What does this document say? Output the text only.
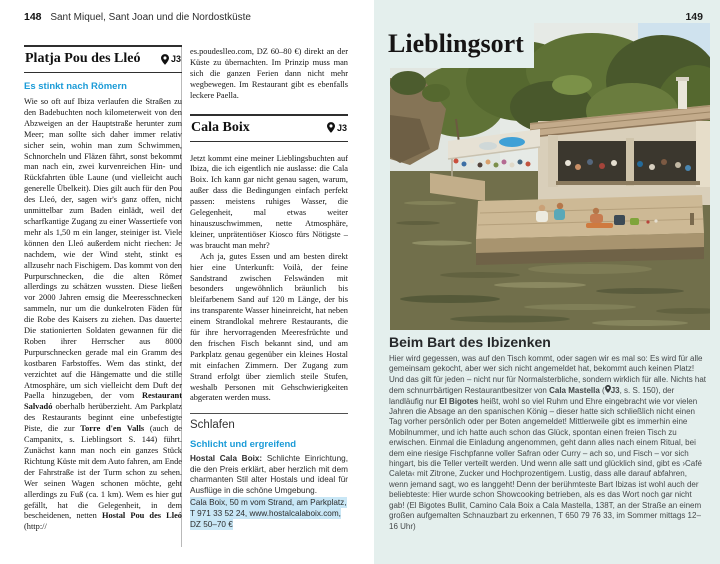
148 Sant Miquel, Sant Joan und die Nordostküste
Platja Pou des Lleó	J3
Es stinkt nach Römern
Wie so oft auf Ibiza verlaufen die Straßen zu den Badebuchten noch kilometerweit von den Abzweigen an der Hauptstraße herunter zum Meer; man sollte sich daher immer relativ sicher sein, wohin man zum Schwimmen, Schnorcheln und Fläzen fährt, sonst bekommt man nach ein, zwei kurvenreichen Hin- und Rückfahrten üble Laune (und vielleicht auch generelle Übelkeit). Dies gilt auch für den Pou des Lleó, der, sagen wir's ganz offen, nicht unmittelbar zum Baden einlädt, weil der scharfkantige Zugang zu einer Wassertiefe von mehr als 1,50 m ein langer, steiniger ist. Viele können den Lleó außerdem nicht riechen: Je nachdem, wie der Wind steht, stinkt es allzusehr nach Fischigem. Das kommt von den Purpurschnecken, die die alten Römer allerdings zu schätzen wussten. Diese ließen vor 2000 Jahren emsig die Meeresschnecken sammeln, nur um die dunkelroten Fäden für die Robe des Kaisers zu ziehen. Das dauerte: Die stationierten Soldaten gewannen für die Roben ihrer Herrscher aus 8000 Purpurschnecken gerade mal ein Gramm des kostbaren Farbstoffes. Wem das stinkt, der verzichtet auf die Hängematte und die stille Atmosphäre, um sich vielleicht dem Duft der Paella hinzugeben, der vom Restaurant Salvadó oberhalb herüberzieht. Am Parkplatz des Restaurants beginnt eine unbefestigte Piste, die zur Torre d'en Valls (auch de Campanitx, s. Lieblingsort S. 144) führt. Zunächst kann man noch ein ganzes Stück Richtung Küste mit dem Auto fahren, am Ende der Fahrstraße ist der Turm schon zu sehen. Wer seinen Wagen schonen möchte, geht allerdings zu Fuß (ca. 1 km). Wem es hier gut gefällt, hat die Gelegenheit, in dem bescheidenen, netten Hostal Pou des Lleó (http://
es.poudeslleo.com, DZ 60–80 €) direkt an der Küste zu übernachten. Im Prinzip muss man sich die ganzen Ferien dann nicht mehr wegbewegen. Im Restaurant gibt es ebenfalls leckere Paella.
Cala Boix	J3
Jetzt kommt eine meiner Lieblingsbuchten auf Ibiza, die ich eigentlich nie auslasse: die Cala Boix. Ich kann gar nicht genau sagen, warum, außer dass die Bedingungen einfach perfekt passen: meistens ruhiges Wasser, die Gelegenheit, mal etwas weiter hinauszuschwimmen, nette Atmosphäre, kleiner, unprätentiöser Kiosco fürs Nötigste – was braucht man mehr?
Ach ja, gutes Essen und am besten direkt hier eine Unterkunft: Voilà, der feine Sandstrand zwischen Felswänden mit besonders ungewöhnlich bräunlich bis bleifarbenem Sand auf 120 m Länge, der bis ins transparente Wasser hineinreicht, hat neben einem Strandlokal mehrere Restaurants, die für ihre hervorragenden Meeresfrüchte und den frischen Fisch bekannt sind, und am Parkplatz genau gegenüber ein kleines Hostal mit einfachen Zimmern. Der Zugang zum Strand erfolgt über ziemlich steile Stufen, weshalb Personen mit Gehschwierigkeiten abgeraten werden muss.
Schlafen
Schlicht und ergreifend
Hostal Cala Boix: Schlichte Einrichtung, die den Preis erklärt, aber herzlich mit dem charmanten Stil alter Hostals und ideal für Ausflüge in die schöne Umgebung.
Cala Boix, 50 m vom Strand, am Parkplatz, T 971 33 52 24, www.hostalcalaboix.com, DZ 50–70 €
149
Lieblingsort
Beim Bart des Ibizenken
Hier wird gegessen, was auf den Tisch kommt, oder sagen wir es mal so: Es wird für alle gemeinsam gekocht, aber wer sich nicht angemeldet hat, bekommt auch keinen Platz! Und das gilt für jeden – nicht nur für Normalsterbliche, sondern wirklich für alle. Nichts hat dem schnurrbärtigen Restaurantbesitzer von Cala Mastella ( J3, s. S. 150), der landläufig nur El Bigotes heißt, wohl so viel Ruhm und Ehre eingebracht wie vor vielen Jahren die Absage an den spanischen König – dieser hatte sich schließlich nicht einen Tag vorher persönlich oder per Boten angemeldet! Mittlerweile gibt es immerhin eine Mobilnummer, und ich hatte auch schon das Glück, spontan einen freien Tisch zu erwischen. Einmal die Einladung angenommen, geht dann alles nach einem Ritual, bei dem eine riesige Fischpfanne voller Safran oder Curry – ach so, und Fisch – vor sich hingart, bis die Teller verteilt werden. Und wenn alle satt und glücklich sind, gibt es ›Café Caleta‹ mit Zitrone, Zucker und Hochprozentigem. Lustig, dass alle darauf abfahren, wenn jemand sagt, wo es langgeht! Denn der berühmteste Bart Ibizas ist wohl auch der beliebteste: Hier wurde schon Showcooking betrieben, als es das Wort noch gar nicht gab! (El Bigotes Bullit, Camino Cala Boix a Cala Mastella, 138T, an der Straße an einem großen aufgemalten Schnauzbart zu erkennen, T 650 79 76 33, im Sommer mittags 12–16 Uhr)
